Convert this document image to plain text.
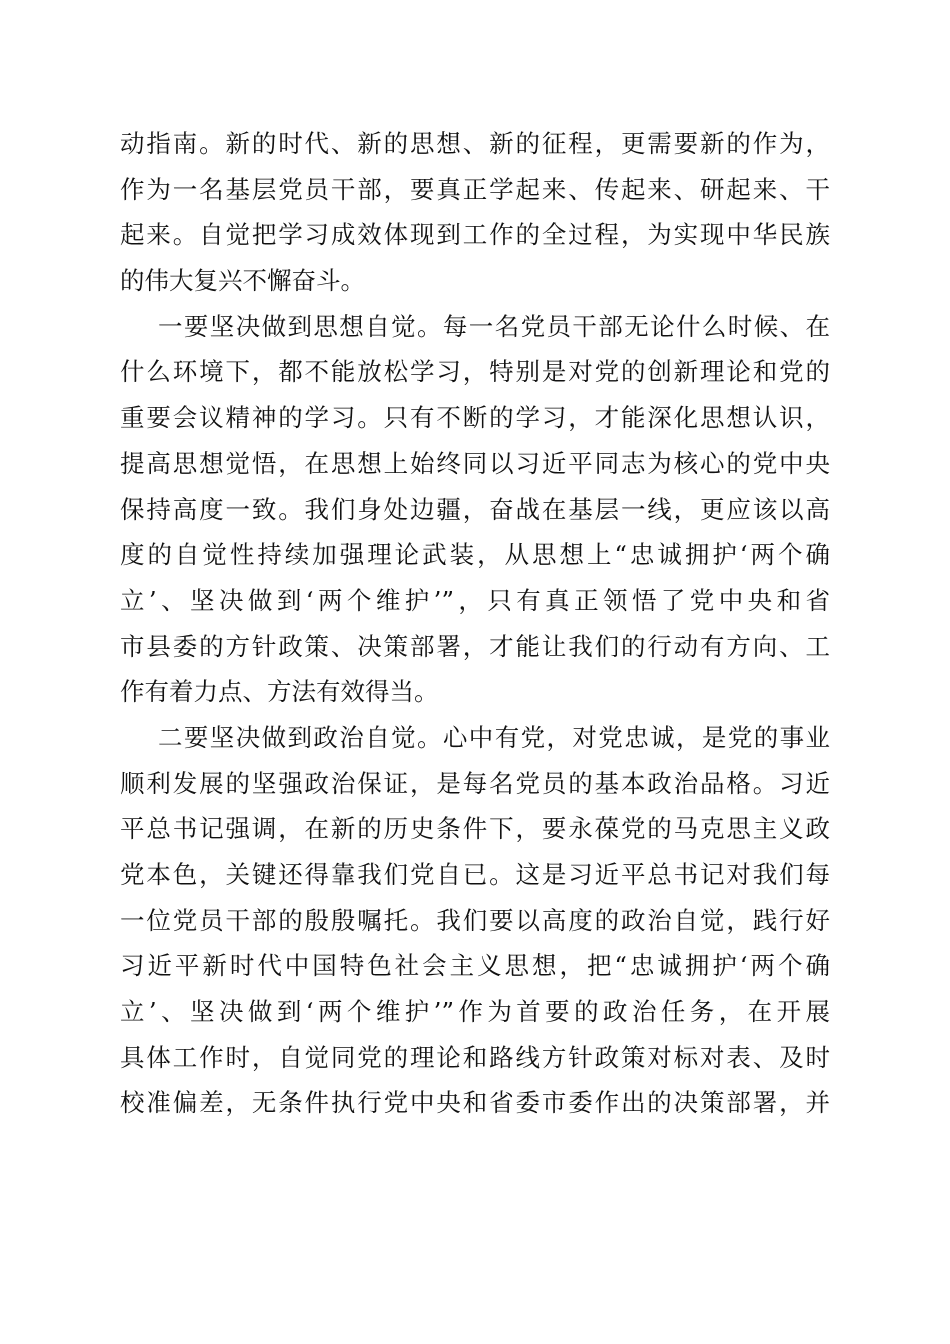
动指南。新的时代、新的思想、新的征程，更需要新的作为，
作为一名基层党员干部，要真正学起来、传起来、研起来、干
起来。自觉把学习成效体现到工作的全过程，为实现中华民族
的伟大复兴不懈奋斗。
一要坚决做到思想自觉。每一名党员干部无论什么时候、在
什么环境下，都不能放松学习，特别是对党的创新理论和党的
重要会议精神的学习。只有不断的学习，才能深化思想认识，
提高思想觉悟，在思想上始终同以习近平同志为核心的党中央
保持高度一致。我们身处边疆，奋战在基层一线，更应该以高
度的自觉性持续加强理论武装，从思想上“忠诚拥护‘两个确
立’、坚决做到‘两个维护’”，只有真正领悟了党中央和省
市县委的方针政策、决策部署，才能让我们的行动有方向、工
作有着力点、方法有效得当。
二要坚决做到政治自觉。心中有党，对党忠诚，是党的事业
顺利发展的坚强政治保证，是每名党员的基本政治品格。习近
平总书记强调，在新的历史条件下，要永葆党的马克思主义政
党本色，关键还得靠我们党自已。这是习近平总书记对我们每
一位党员干部的殷殷嘱托。我们要以高度的政治自觉，践行好
习近平新时代中国特色社会主义思想，把“忠诚拥护‘两个确
立’、坚决做到‘两个维护’”作为首要的政治任务，在开展
具体工作时，自觉同党的理论和路线方针政策对标对表、及时
校准偏差，无条件执行党中央和省委市委作出的决策部署，并
